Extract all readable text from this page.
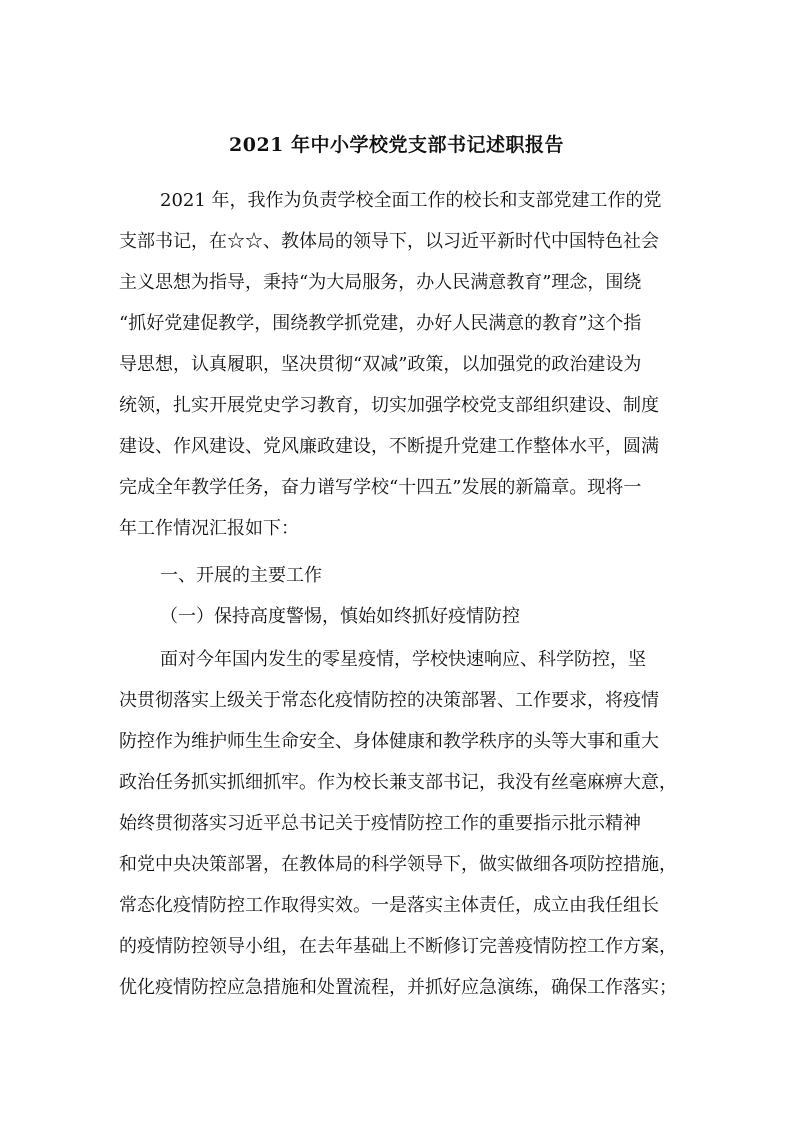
2021 年中小学校党支部书记述职报告
2021 年，我作为负责学校全面工作的校长和支部党建工作的党
支部书记，在☆☆、教体局的领导下，以习近平新时代中国特色社会
主义思想为指导，秉持“为大局服务，办人民满意教育”理念，围绕
“抓好党建促教学，围绕教学抓党建，办好人民满意的教育”这个指
导思想，认真履职，坚决贯彻“双减”政策，以加强党的政治建设为
统领，扎实开展党史学习教育，切实加强学校党支部组织建设、制度
建设、作风建设、党风廉政建设，不断提升党建工作整体水平，圆满
完成全年教学任务，奋力谱写学校“十四五”发展的新篇章。现将一
年工作情况汇报如下：
一、开展的主要工作
（一）保持高度警惕，慎始如终抓好疫情防控
面对今年国内发生的零星疫情，学校快速响应、科学防控，坚
决贯彻落实上级关于常态化疫情防控的决策部署、工作要求，将疫情
防控作为维护师生生命安全、身体健康和教学秩序的头等大事和重大
政治任务抓实抓细抓牢。作为校长兼支部书记，我没有丝毫麻痹大意，
始终贯彻落实习近平总书记关于疫情防控工作的重要指示批示精神
和党中央决策部署，在教体局的科学领导下，做实做细各项防控措施，
常态化疫情防控工作取得实效。一是落实主体责任，成立由我任组长
的疫情防控领导小组，在去年基础上不断修订完善疫情防控工作方案，
优化疫情防控应急措施和处置流程，并抓好应急演练，确保工作落实；
